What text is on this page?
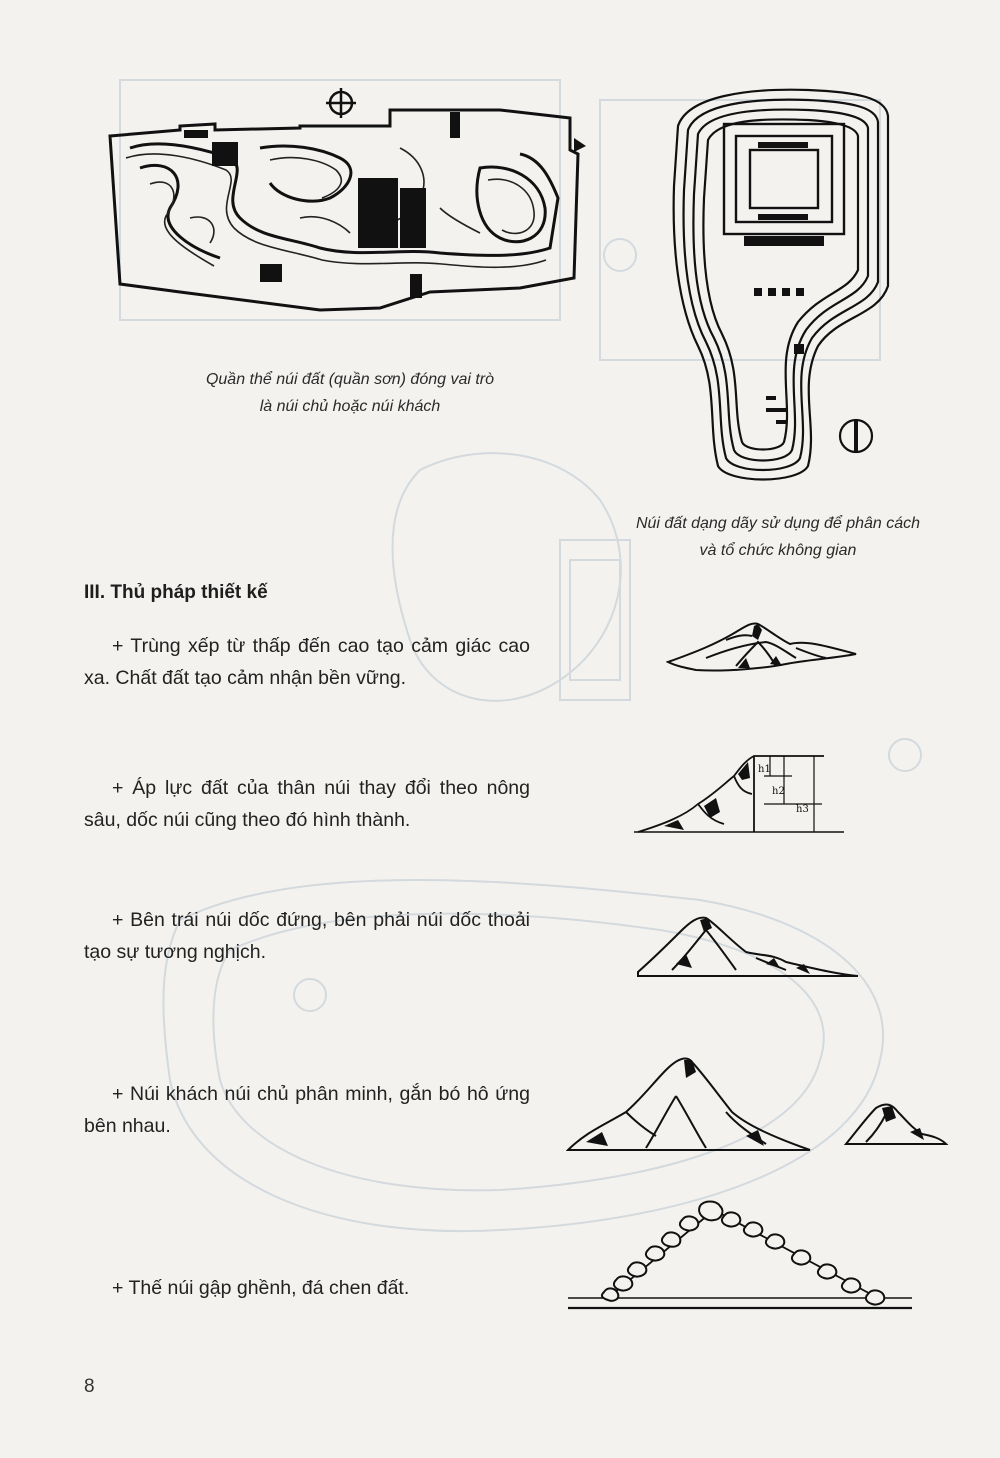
Quần thể núi đất (quần sơn) đóng vai trò
là núi chủ hoặc núi khách
Núi đất dạng dãy sử dụng để phân cách
và tổ chức không gian
III. Thủ pháp thiết kế
+ Trùng xếp từ thấp đến cao tạo cảm giác cao xa. Chất đất tạo cảm nhận bền vững.
+ Áp lực đất của thân núi thay đổi theo nông sâu, dốc núi cũng theo đó hình thành.
h1
h2
h3
+ Bên trái núi dốc đứng, bên phải núi dốc thoải tạo sự tương nghịch.
+ Núi khách núi chủ phân minh, gắn bó hô ứng bên nhau.
+ Thế núi gập ghềnh, đá chen đất.
8
